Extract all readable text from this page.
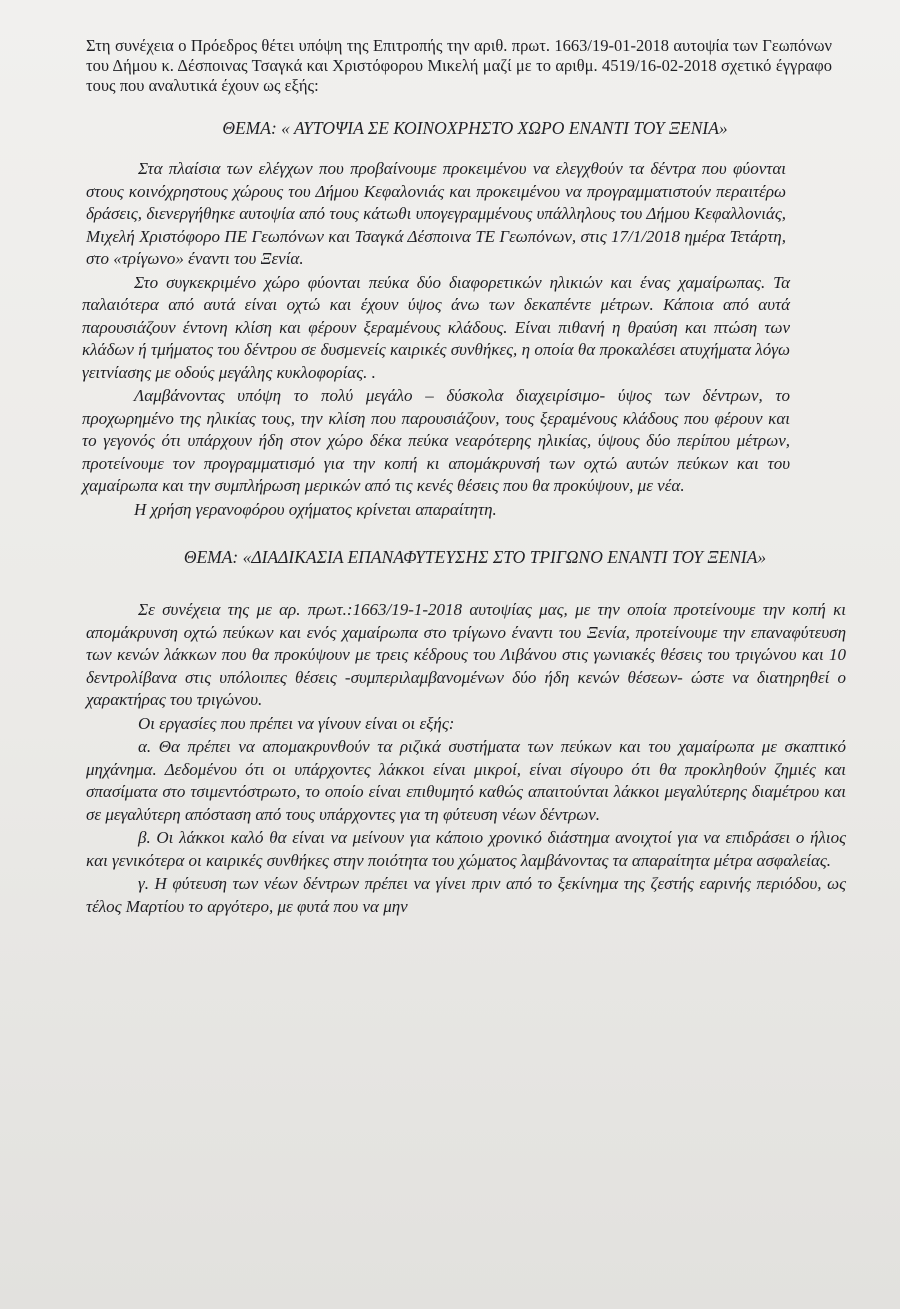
Στη συνέχεια ο Πρόεδρος θέτει υπόψη της Επιτροπής την αριθ. πρωτ. 1663/19-01-2018 αυτοψία των Γεωπόνων του Δήμου κ. Δέσποινας Τσαγκά και Χριστόφορου Μικελή μαζί με το αριθμ. 4519/16-02-2018 σχετικό έγγραφο τους που αναλυτικά έχουν ως εξής:

ΘΕΜΑ: « ΑΥΤΟΨΙΑ ΣΕ ΚΟΙΝΟΧΡΗΣΤΟ ΧΩΡΟ ΕΝΑΝΤΙ ΤΟΥ ΞΕΝΙΑ»

Στα πλαίσια των ελέγχων που προβαίνουμε προκειμένου να ελεγχθούν τα δέντρα που φύονται στους κοινόχρηστους χώρους του Δήμου Κεφαλονιάς και προκειμένου να προγραμματιστούν περαιτέρω δράσεις, διενεργήθηκε αυτοψία από τους κάτωθι υπογεγραμμένους υπάλληλους του Δήμου Κεφαλλονιάς, Μιχελή Χριστόφορο ΠΕ Γεωπόνων και Τσαγκά Δέσποινα ΤΕ Γεωπόνων, στις 17/1/2018 ημέρα Τετάρτη, στο «τρίγωνο» έναντι του Ξενία.

Στο συγκεκριμένο χώρο φύονται πεύκα δύο διαφορετικών ηλικιών και ένας χαμαίρωπας. Τα παλαιότερα από αυτά είναι οχτώ και έχουν ύψος άνω των δεκαπέντε μέτρων. Κάποια από αυτά παρουσιάζουν έντονη κλίση και φέρουν ξεραμένους κλάδους. Είναι πιθανή η θραύση και πτώση των κλάδων ή τμήματος του δέντρου σε δυσμενείς καιρικές συνθήκες, η οποία θα προκαλέσει ατυχήματα λόγω γειτνίασης με οδούς μεγάλης κυκλοφορίας. .

Λαμβάνοντας υπόψη το πολύ μεγάλο – δύσκολα διαχειρίσιμο- ύψος των δέντρων, το προχωρημένο της ηλικίας τους, την κλίση που παρουσιάζουν, τους ξεραμένους κλάδους που φέρουν και το γεγονός ότι υπάρχουν ήδη στον χώρο δέκα πεύκα νεαρότερης ηλικίας, ύψους δύο περίπου μέτρων, προτείνουμε τον προγραμματισμό για την κοπή κι απομάκρυνσή των οχτώ αυτών πεύκων και του χαμαίρωπα και την συμπλήρωση μερικών από τις κενές θέσεις που θα προκύψουν, με νέα.

Η χρήση γερανοφόρου οχήματος κρίνεται απαραίτητη.

ΘΕΜΑ: «ΔΙΑΔΙΚΑΣΙΑ ΕΠΑΝΑΦΥΤΕΥΣΗΣ ΣΤΟ ΤΡΙΓΩΝΟ ΕΝΑΝΤΙ ΤΟΥ ΞΕΝΙΑ»

Σε συνέχεια της με αρ. πρωτ.:1663/19-1-2018 αυτοψίας μας, με την οποία προτείνουμε την κοπή κι απομάκρυνση οχτώ πεύκων και ενός χαμαίρωπα στο τρίγωνο έναντι του Ξενία, προτείνουμε την επαναφύτευση των κενών λάκκων που θα προκύψουν με τρεις κέδρους του Λιβάνου στις γωνιακές θέσεις του τριγώνου και 10 δεντρολίβανα στις υπόλοιπες θέσεις -συμπεριλαμβανομένων δύο ήδη κενών θέσεων- ώστε να διατηρηθεί ο χαρακτήρας του τριγώνου.

Οι εργασίες που πρέπει να γίνουν είναι οι εξής:

α. Θα πρέπει να απομακρυνθούν τα ριζικά συστήματα των πεύκων και του χαμαίρωπα με σκαπτικό μηχάνημα. Δεδομένου ότι οι υπάρχοντες λάκκοι είναι μικροί, είναι σίγουρο ότι θα προκληθούν ζημιές και σπασίματα στο τσιμεντόστρωτο, το οποίο είναι επιθυμητό καθώς απαιτούνται λάκκοι μεγαλύτερης διαμέτρου και σε μεγαλύτερη απόσταση από τους υπάρχοντες για τη φύτευση νέων δέντρων.

β. Οι λάκκοι καλό θα είναι να μείνουν για κάποιο χρονικό διάστημα ανοιχτοί για να επιδράσει ο ήλιος και γενικότερα οι καιρικές συνθήκες στην ποιότητα του χώματος λαμβάνοντας τα απαραίτητα μέτρα ασφαλείας.

γ. Η φύτευση των νέων δέντρων πρέπει να γίνει πριν από το ξεκίνημα της ζεστής εαρινής περιόδου, ως τέλος Μαρτίου το αργότερο, με φυτά που να μην
